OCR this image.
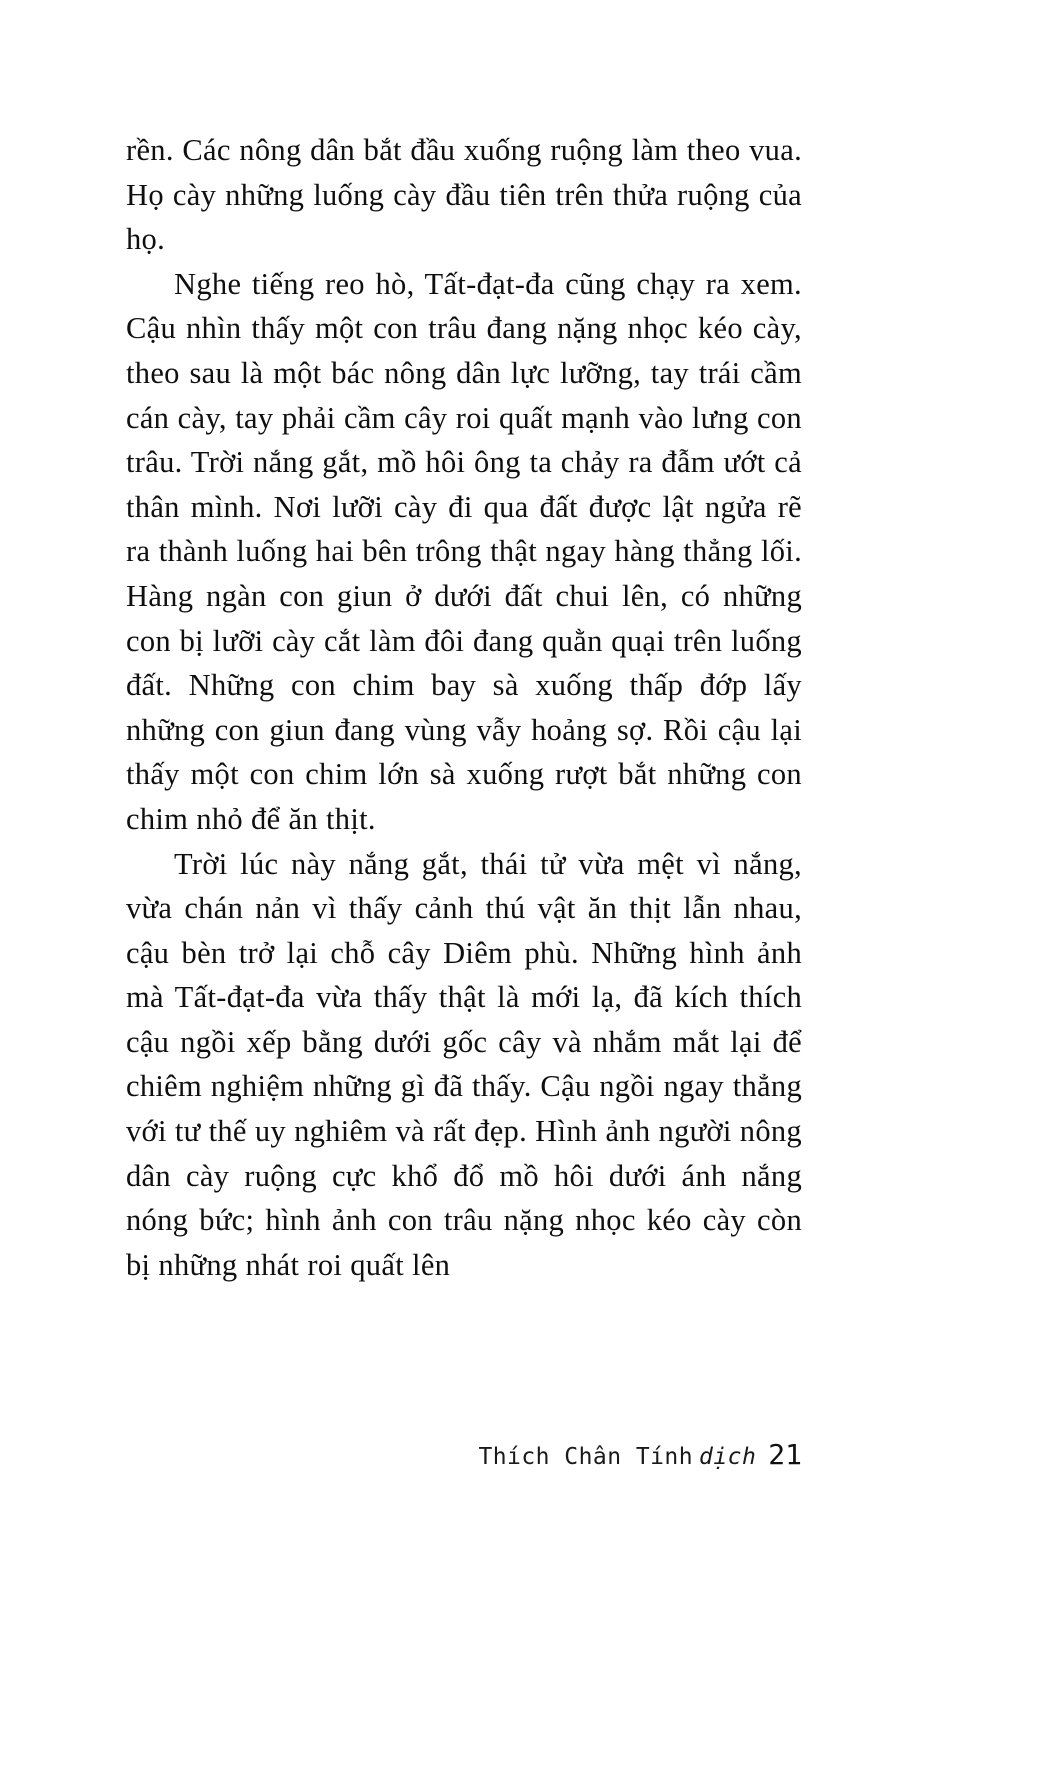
rền. Các nông dân bắt đầu xuống ruộng làm theo vua. Họ cày những luống cày đầu tiên trên thửa ruộng của họ.

Nghe tiếng reo hò, Tất-đạt-đa cũng chạy ra xem. Cậu nhìn thấy một con trâu đang nặng nhọc kéo cày, theo sau là một bác nông dân lực lưỡng, tay trái cầm cán cày, tay phải cầm cây roi quất mạnh vào lưng con trâu. Trời nắng gắt, mồ hôi ông ta chảy ra đẫm ướt cả thân mình. Nơi lưỡi cày đi qua đất được lật ngửa rẽ ra thành luống hai bên trông thật ngay hàng thẳng lối. Hàng ngàn con giun ở dưới đất chui lên, có những con bị lưỡi cày cắt làm đôi đang quằn quại trên luống đất. Những con chim bay sà xuống thấp đớp lấy những con giun đang vùng vẫy hoảng sợ. Rồi cậu lại thấy một con chim lớn sà xuống rượt bắt những con chim nhỏ để ăn thịt.

Trời lúc này nắng gắt, thái tử vừa mệt vì nắng, vừa chán nản vì thấy cảnh thú vật ăn thịt lẫn nhau, cậu bèn trở lại chỗ cây Diêm phù. Những hình ảnh mà Tất-đạt-đa vừa thấy thật là mới lạ, đã kích thích cậu ngồi xếp bằng dưới gốc cây và nhắm mắt lại để chiêm nghiệm những gì đã thấy. Cậu ngồi ngay thẳng với tư thế uy nghiêm và rất đẹp. Hình ảnh người nông dân cày ruộng cực khổ đổ mồ hôi dưới ánh nắng nóng bức; hình ảnh con trâu nặng nhọc kéo cày còn bị những nhát roi quất lên

Thích Chân Tính dịch 21
